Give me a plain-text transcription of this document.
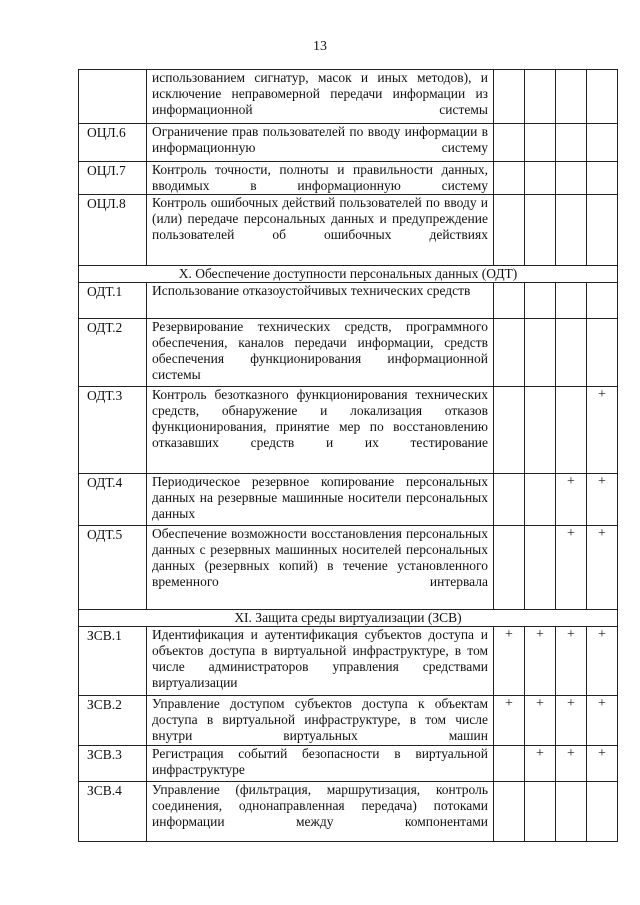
13
	использованием сигнатур, масок и иных методов), и исключение неправомерной передачи информации из информационной системы				
ОЦЛ.6	Ограничение прав пользователей по вводу информации в информационную систему				
ОЦЛ.7	Контроль точности, полноты и правильности данных, вводимых в информационную систему				
ОЦЛ.8	Контроль ошибочных действий пользователей по вводу и (или) передаче персональных данных и предупреждение пользователей об ошибочных действиях				
X. Обеспечение доступности персональных данных (ОДТ)					
ОДТ.1	Использование отказоустойчивых технических средств				
ОДТ.2	Резервирование технических средств, программного обеспечения, каналов передачи информации, средств обеспечения функционирования информационной системы				
ОДТ.3	Контроль безотказного функционирования технических средств, обнаружение и локализация отказов функционирования, принятие мер по восстановлению отказавших средств и их тестирование				+
ОДТ.4	Периодическое резервное копирование персональных данных на резервные машинные носители персональных данных			+	+
ОДТ.5	Обеспечение возможности восстановления персональных данных с резервных машинных носителей персональных данных (резервных копий) в течение установленного временного интервала			+	+
XI. Защита среды виртуализации (ЗСВ)					
ЗСВ.1	Идентификация и аутентификация субъектов доступа и объектов доступа в виртуальной инфраструктуре, в том числе администраторов управления средствами виртуализации	+	+	+	+
ЗСВ.2	Управление доступом субъектов доступа к объектам доступа в виртуальной инфраструктуре, в том числе внутри виртуальных машин	+	+	+	+
ЗСВ.3	Регистрация событий безопасности в виртуальной инфраструктуре		+	+	+
ЗСВ.4	Управление (фильтрация, маршрутизация, контроль соединения, однонаправленная передача) потоками информации между компонентами				
